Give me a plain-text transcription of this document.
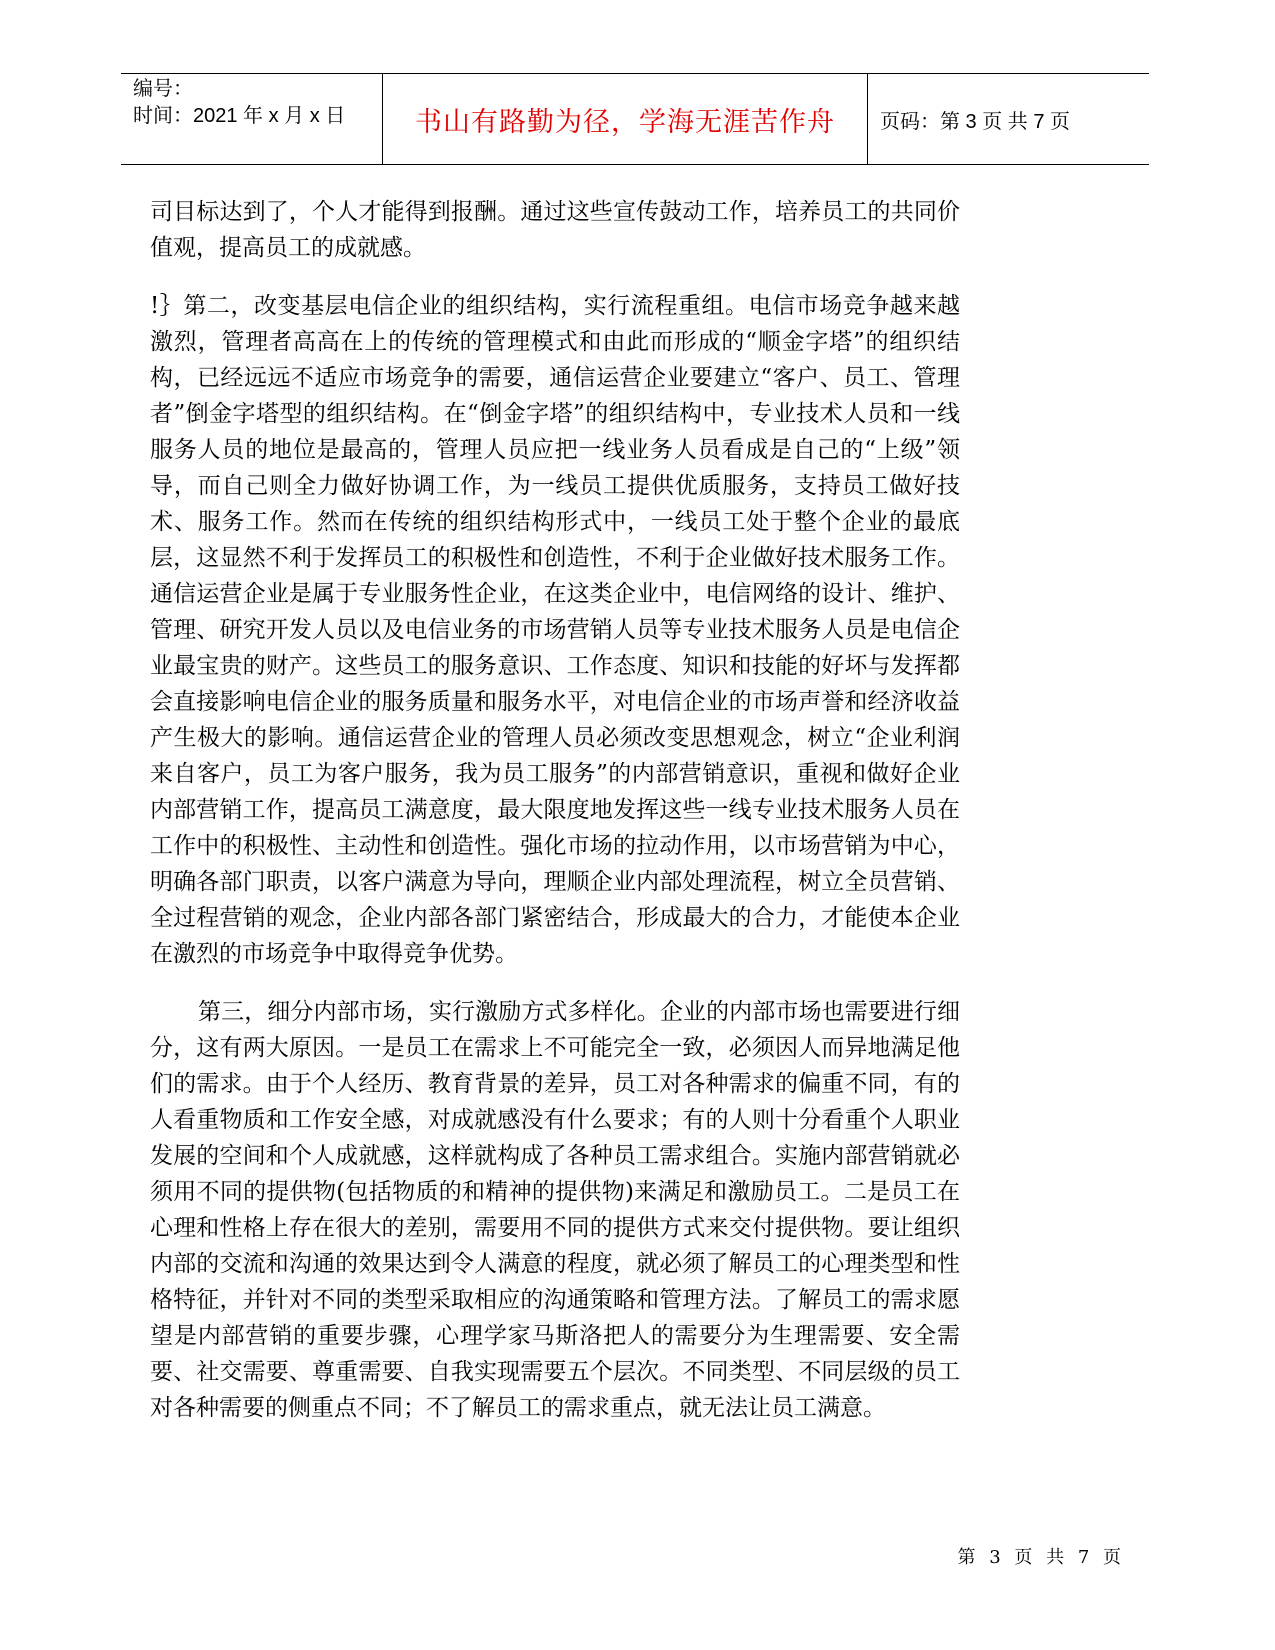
编号：
时间：2021 年 x 月 x 日	书山有路勤为径，学海无涯苦作舟	页码：第 3 页 共 7 页

司目标达到了，个人才能得到报酬。通过这些宣传鼓动工作，培养员工的共同价值观，提高员工的成就感。

!｝第二，改变基层电信企业的组织结构，实行流程重组。电信市场竞争越来越激烈，管理者高高在上的传统的管理模式和由此而形成的“顺金字塔”的组织结构，已经远远不适应市场竞争的需要，通信运营企业要建立“客户、员工、管理者”倒金字塔型的组织结构。在“倒金字塔”的组织结构中，专业技术人员和一线服务人员的地位是最高的，管理人员应把一线业务人员看成是自己的“上级”领导，而自己则全力做好协调工作，为一线员工提供优质服务，支持员工做好技术、服务工作。然而在传统的组织结构形式中，一线员工处于整个企业的最底层，这显然不利于发挥员工的积极性和创造性，不利于企业做好技术服务工作。通信运营企业是属于专业服务性企业，在这类企业中，电信网络的设计、维护、管理、研究开发人员以及电信业务的市场营销人员等专业技术服务人员是电信企业最宝贵的财产。这些员工的服务意识、工作态度、知识和技能的好坏与发挥都会直接影响电信企业的服务质量和服务水平，对电信企业的市场声誉和经济收益产生极大的影响。通信运营企业的管理人员必须改变思想观念，树立“企业利润来自客户，员工为客户服务，我为员工服务”的内部营销意识，重视和做好企业内部营销工作，提高员工满意度，最大限度地发挥这些一线专业技术服务人员在工作中的积极性、主动性和创造性。强化市场的拉动作用，以市场营销为中心，明确各部门职责，以客户满意为导向，理顺企业内部处理流程，树立全员营销、全过程营销的观念，企业内部各部门紧密结合，形成最大的合力，才能使本企业在激烈的市场竞争中取得竞争优势。

第三，细分内部市场，实行激励方式多样化。企业的内部市场也需要进行细分，这有两大原因。一是员工在需求上不可能完全一致，必须因人而异地满足他们的需求。由于个人经历、教育背景的差异，员工对各种需求的偏重不同，有的人看重物质和工作安全感，对成就感没有什么要求；有的人则十分看重个人职业发展的空间和个人成就感，这样就构成了各种员工需求组合。实施内部营销就必须用不同的提供物(包括物质的和精神的提供物)来满足和激励员工。二是员工在心理和性格上存在很大的差别，需要用不同的提供方式来交付提供物。要让组织内部的交流和沟通的效果达到令人满意的程度，就必须了解员工的心理类型和性格特征，并针对不同的类型采取相应的沟通策略和管理方法。了解员工的需求愿望是内部营销的重要步骤，心理学家马斯洛把人的需要分为生理需要、安全需要、社交需要、尊重需要、自我实现需要五个层次。不同类型、不同层级的员工对各种需要的侧重点不同；不了解员工的需求重点，就无法让员工满意。

第 3 页 共 7 页
